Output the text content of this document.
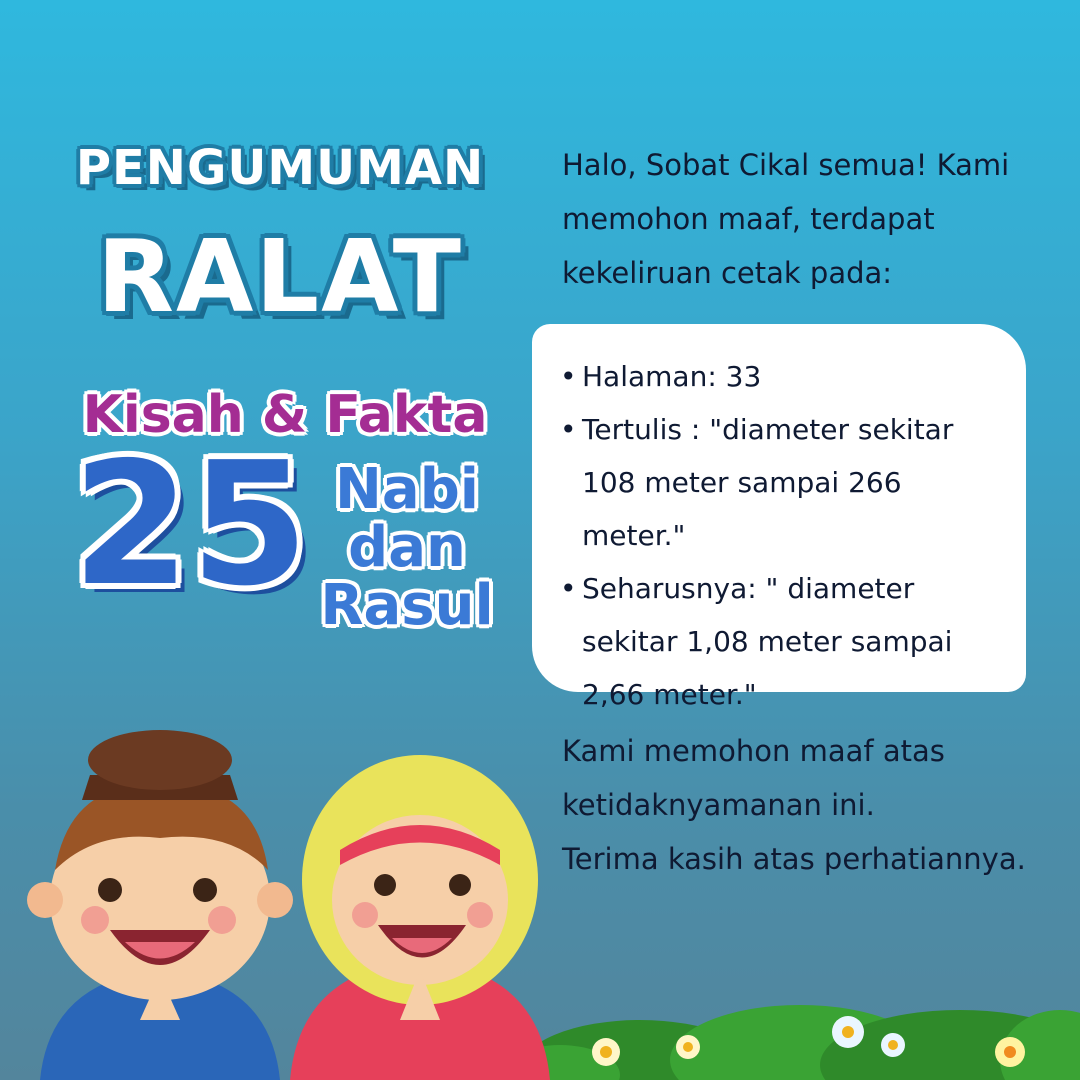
PENGUMUMAN
RALAT
Kisah & Fakta
25 Nabi
dan
Rasul
Halo, Sobat Cikal semua! Kami
memohon maaf, terdapat
kekeliruan cetak pada:
• Halaman: 33
• Tertulis : "diameter sekitar 108 meter sampai 266 meter."
• Seharusnya: " diameter sekitar 1,08 meter sampai 2,66 meter."
Kami memohon maaf atas
ketidaknyamanan ini.
Terima kasih atas perhatiannya.
